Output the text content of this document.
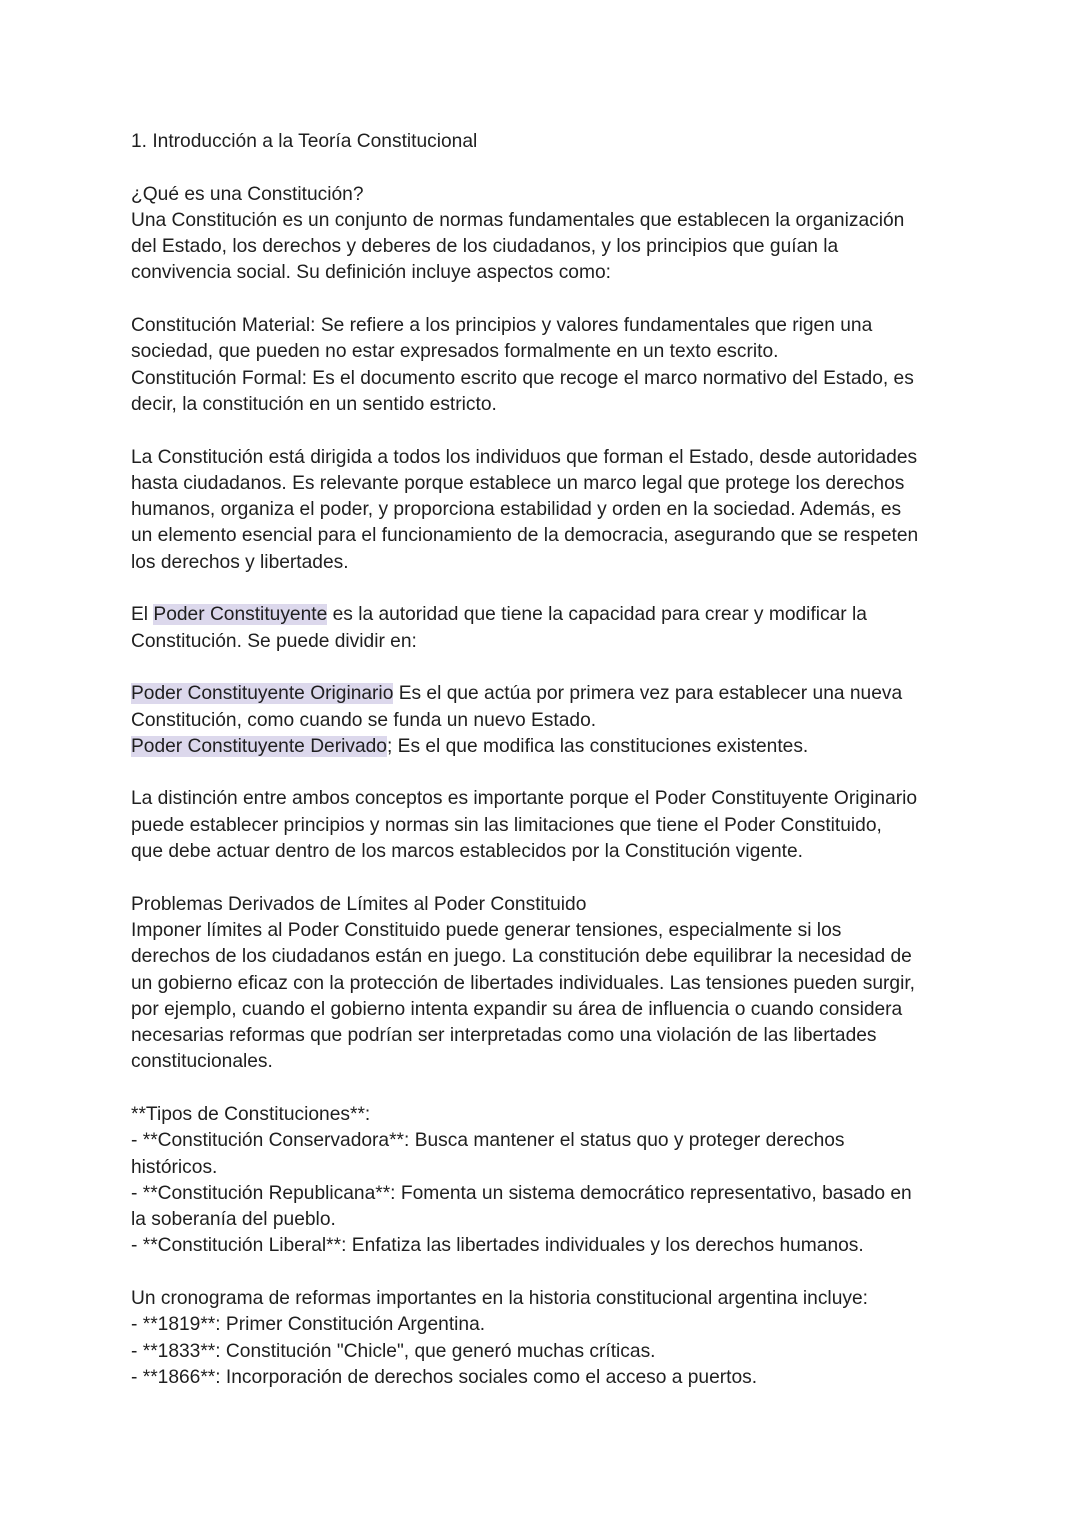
1. Introducción a la Teoría Constitucional
¿Qué es una Constitución?
Una Constitución es un conjunto de normas fundamentales que establecen la organización
del Estado, los derechos y deberes de los ciudadanos, y los principios que guían la
convivencia social. Su definición incluye aspectos como:
Constitución Material: Se refiere a los principios y valores fundamentales que rigen una
sociedad, que pueden no estar expresados formalmente en un texto escrito.
Constitución Formal: Es el documento escrito que recoge el marco normativo del Estado, es
decir, la constitución en un sentido estricto.
La Constitución está dirigida a todos los individuos que forman el Estado, desde autoridades
hasta ciudadanos. Es relevante porque establece un marco legal que protege los derechos
humanos, organiza el poder, y proporciona estabilidad y orden en la sociedad. Además, es
un elemento esencial para el funcionamiento de la democracia, asegurando que se respeten
los derechos y libertades.
El Poder Constituyente es la autoridad que tiene la capacidad para crear y modificar la
Constitución. Se puede dividir en:
Poder Constituyente Originario Es el que actúa por primera vez para establecer una nueva
Constitución, como cuando se funda un nuevo Estado.
Poder Constituyente Derivado; Es el que modifica las constituciones existentes.
La distinción entre ambos conceptos es importante porque el Poder Constituyente Originario
puede establecer principios y normas sin las limitaciones que tiene el Poder Constituido,
que debe actuar dentro de los marcos establecidos por la Constitución vigente.
Problemas Derivados de Límites al Poder Constituido
Imponer límites al Poder Constituido puede generar tensiones, especialmente si los
derechos de los ciudadanos están en juego. La constitución debe equilibrar la necesidad de
un gobierno eficaz con la protección de libertades individuales. Las tensiones pueden surgir,
por ejemplo, cuando el gobierno intenta expandir su área de influencia o cuando considera
necesarias reformas que podrían ser interpretadas como una violación de las libertades
constitucionales.
**Tipos de Constituciones**:
- **Constitución Conservadora**: Busca mantener el status quo y proteger derechos
históricos.
- **Constitución Republicana**: Fomenta un sistema democrático representativo, basado en
la soberanía del pueblo.
- **Constitución Liberal**: Enfatiza las libertades individuales y los derechos humanos.
Un cronograma de reformas importantes en la historia constitucional argentina incluye:
- **1819**: Primer Constitución Argentina.
- **1833**: Constitución "Chicle", que generó muchas críticas.
- **1866**: Incorporación de derechos sociales como el acceso a puertos.
